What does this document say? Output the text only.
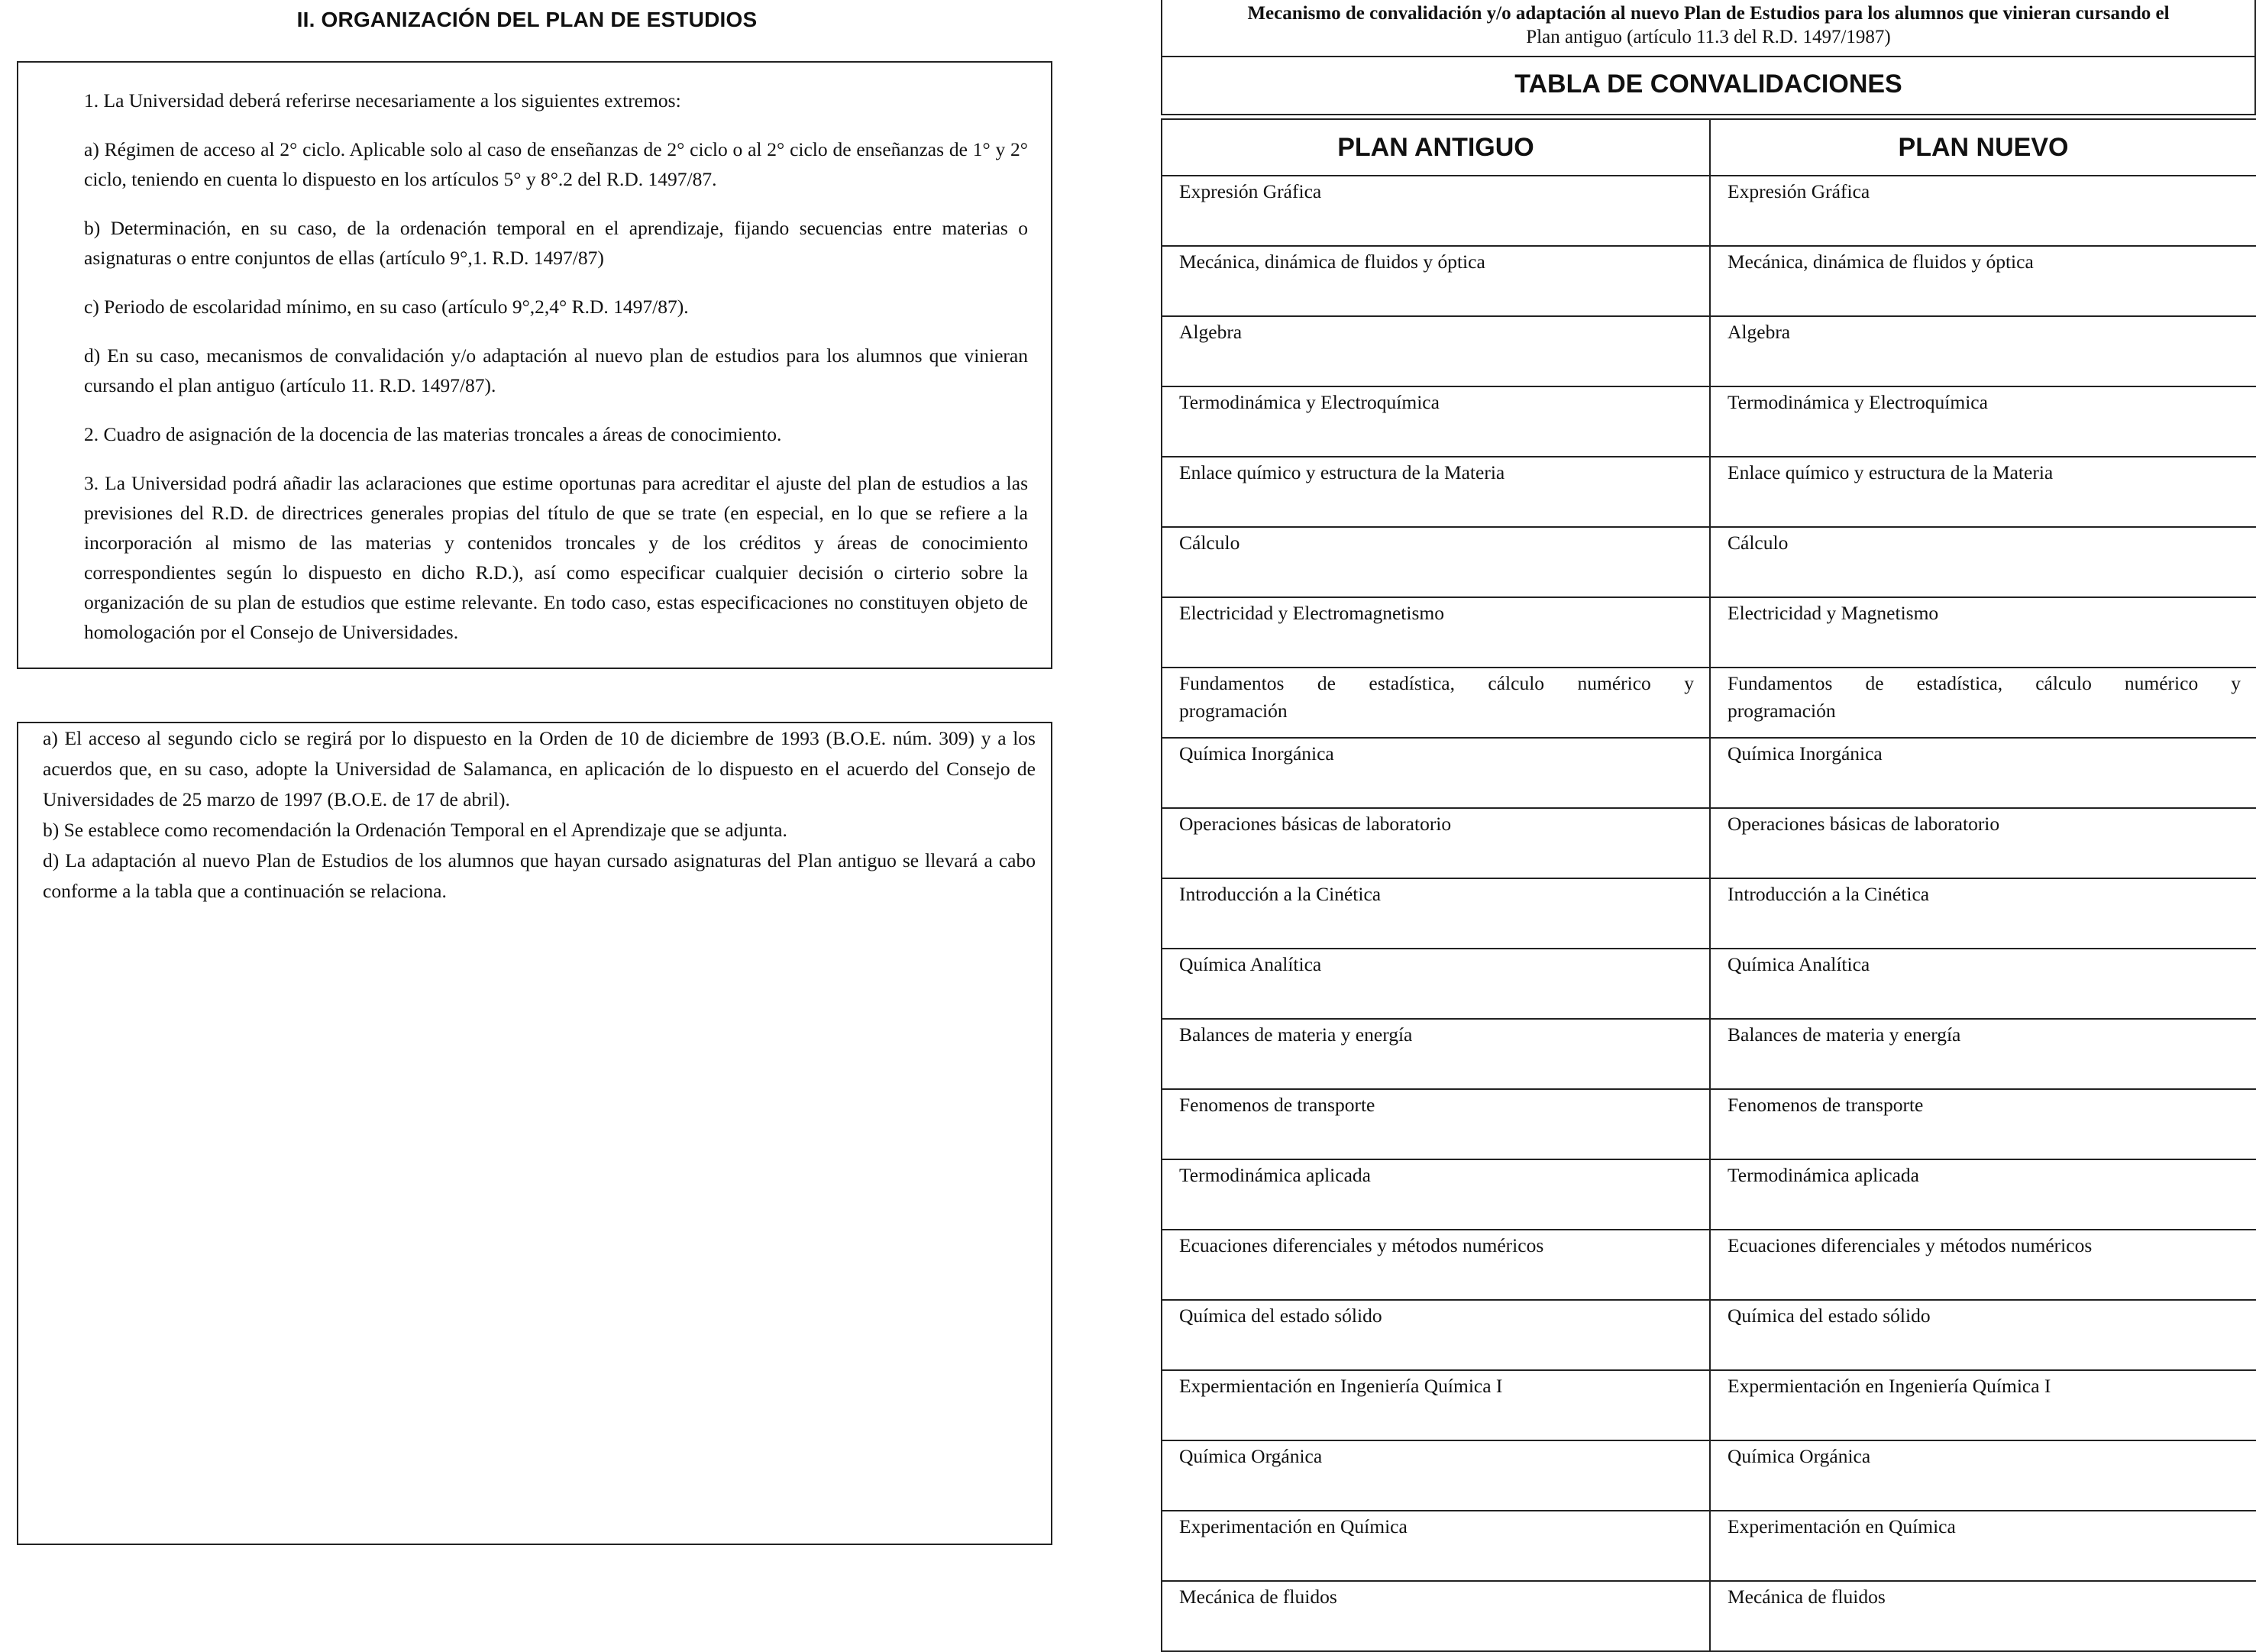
II. ORGANIZACIÓN DEL PLAN DE ESTUDIOS

1. La Universidad deberá referirse necesariamente a los siguientes extremos:

a) Régimen de acceso al 2° ciclo. Aplicable solo al caso de enseñanzas de 2° ciclo o al 2° ciclo de enseñanzas de 1° y 2° ciclo, teniendo en cuenta lo dispuesto en los artículos 5° y 8°.2 del R.D. 1497/87.

b) Determinación, en su caso, de la ordenación temporal en el aprendizaje, fijando secuencias entre materias o asignaturas o entre conjuntos de ellas (artículo 9°,1. R.D. 1497/87)

c) Periodo de escolaridad mínimo, en su caso (artículo 9°,2,4° R.D. 1497/87).

d) En su caso, mecanismos de convalidación y/o adaptación al nuevo plan de estudios para los alumnos que vinieran cursando el plan antiguo (artículo 11. R.D. 1497/87).

2. Cuadro de asignación de la docencia de las materias troncales a áreas de conocimiento.

3. La Universidad podrá añadir las aclaraciones que estime oportunas para acreditar el ajuste del plan de estudios a las previsiones del R.D. de directrices generales propias del título de que se trate (en especial, en lo que se refiere a la incorporación al mismo de las materias y contenidos troncales y de los créditos y áreas de conocimiento correspondientes según lo dispuesto en dicho R.D.), así como especificar cualquier decisión o cirterio sobre la organización de su plan de estudios que estime relevante. En todo caso, estas especificaciones no constituyen objeto de homologación por el Consejo de Universidades.

a) El acceso al segundo ciclo se regirá por lo dispuesto en la Orden de 10 de diciembre de 1993 (B.O.E. núm. 309) y a los acuerdos que, en su caso, adopte la Universidad de Salamanca, en aplicación de lo dispuesto en el acuerdo del Consejo de Universidades de 25 marzo de 1997 (B.O.E. de 17 de abril).

b) Se establece como recomendación la Ordenación Temporal en el Aprendizaje que se adjunta.

d) La adaptación al nuevo Plan de Estudios de los alumnos que hayan cursado asignaturas del Plan antiguo se llevará a cabo conforme a la tabla que a continuación se relaciona.

Mecanismo de convalidación y/o adaptación al nuevo Plan de Estudios para los alumnos que vinieran cursando el
Plan antiguo (artículo 11.3 del R.D. 1497/1987)
TABLA DE CONVALIDACIONES
PLAN ANTIGUO	PLAN NUEVO
Expresión Gráfica	Expresión Gráfica
Mecánica, dinámica de fluidos y óptica	Mecánica, dinámica de fluidos y óptica
Algebra	Algebra
Termodinámica y Electroquímica	Termodinámica y Electroquímica
Enlace químico y estructura de la Materia	Enlace químico y estructura de la Materia
Cálculo	Cálculo
Electricidad y Electromagnetismo	Electricidad y Magnetismo

Fundamentos de estadística, cálculo numérico y
programación	Fundamentos de estadística, cálculo numérico y
programación

Química Inorgánica	Química Inorgánica
Operaciones básicas de laboratorio	Operaciones básicas de laboratorio
Introducción a la Cinética	Introducción a la Cinética
Química Analítica	Química Analítica
Balances de materia y energía	Balances de materia y energía
Fenomenos de transporte	Fenomenos de transporte
Termodinámica aplicada	Termodinámica aplicada
Ecuaciones diferenciales y métodos numéricos	Ecuaciones diferenciales y métodos numéricos
Química del estado sólido	Química del estado sólido
Expermientación en Ingeniería Química I	Expermientación en Ingeniería Química I
Química Orgánica	Química Orgánica
Experimentación en Química	Experimentación en Química
Mecánica de fluidos	Mecánica de fluidos
